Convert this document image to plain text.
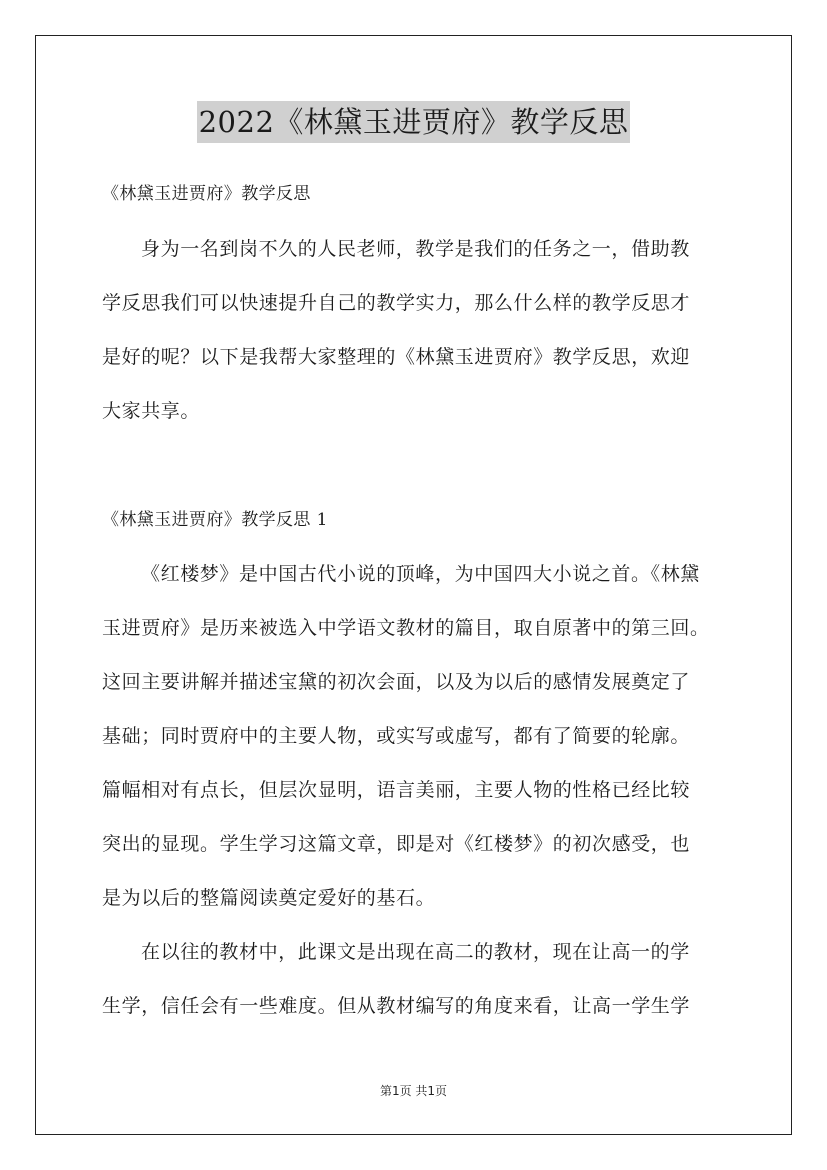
2022《林黛玉进贾府》教学反思

《林黛玉进贾府》教学反思

身为一名到岗不久的人民老师，教学是我们的任务之一，借助教

学反思我们可以快速提升自己的教学实力，那么什么样的教学反思才

是好的呢？以下是我帮大家整理的《林黛玉进贾府》教学反思，欢迎

大家共享。

《林黛玉进贾府》教学反思 1

《红楼梦》是中国古代小说的顶峰，为中国四大小说之首。《林黛

玉进贾府》是历来被选入中学语文教材的篇目，取自原著中的第三回。

这回主要讲解并描述宝黛的初次会面，以及为以后的感情发展奠定了

基础；同时贾府中的主要人物，或实写或虚写，都有了简要的轮廓。

篇幅相对有点长，但层次显明，语言美丽，主要人物的性格已经比较

突出的显现。学生学习这篇文章，即是对《红楼梦》的初次感受，也

是为以后的整篇阅读奠定爱好的基石。

在以往的教材中，此课文是出现在高二的教材，现在让高一的学

生学，信任会有一些难度。但从教材编写的角度来看，让高一学生学

第1页 共1页
